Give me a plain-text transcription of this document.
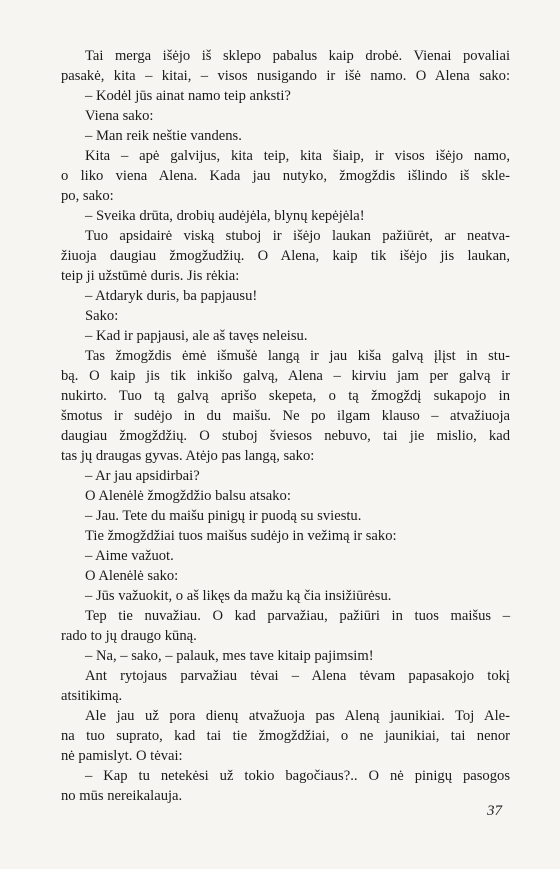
Tai merga išėjo iš sklepo pabalus kaip drobė. Vienai povaliai
pasakė, kita – kitai, – visos nusigando ir išė namo. O Alena sako:
– Kodėl jūs ainat namo teip anksti?
Viena sako:
– Man reik neštie vandens.
Kita – apė galvijus, kita teip, kita šiaip, ir visos išėjo namo,
o liko viena Alena. Kada jau nutyko, žmogždis išlindo iš skle-
po, sako:
– Sveika drūta, drobių audėjėla, blynų kepėjėla!
Tuo apsidairė viską stuboj ir išėjo laukan pažiūrėt, ar neatva-
žiuoja daugiau žmogžudžių. O Alena, kaip tik išėjo jis laukan,
teip ji užstūmė duris. Jis rėkia:
– Atdaryk duris, ba papjausu!
Sako:
– Kad ir papjausi, ale aš tavęs neleisu.
Tas žmogždis ėmė išmušė langą ir jau kiša galvą įlįst in stu-
bą. O kaip jis tik inkišo galvą, Alena – kirviu jam per galvą ir
nukirto. Tuo tą galvą aprišo skepeta, o tą žmogždį sukapojo in
šmotus ir sudėjo in du maišu. Ne po ilgam klauso – atvažiuoja
daugiau žmogždžių. O stuboj šviesos nebuvo, tai jie mislio, kad
tas jų draugas gyvas. Atėjo pas langą, sako:
– Ar jau apsidirbai?
O Alenėlė žmogždžio balsu atsako:
– Jau. Tete du maišu pinigų ir puodą su sviestu.
Tie žmogždžiai tuos maišus sudėjo in vežimą ir sako:
– Aime važuot.
O Alenėlė sako:
– Jūs važuokit, o aš likęs da mažu ką čia insižiūrėsu.
Tep tie nuvažiau. O kad parvažiau, pažiūri in tuos maišus –
rado to jų draugo kūną.
– Na, – sako, – palauk, mes tave kitaip pajimsim!
Ant rytojaus parvažiau tėvai – Alena tėvam papasakojo tokį
atsitikimą.
Ale jau už pora dienų atvažuoja pas Aleną jaunikiai. Toj Ale-
na tuo suprato, kad tai tie žmogždžiai, o ne jaunikiai, tai nenor
nė pamislyt. O tėvai:
– Kap tu netekėsi už tokio bagočiaus?.. O nė pinigų pasogos
no mūs nereikalauja.
37
